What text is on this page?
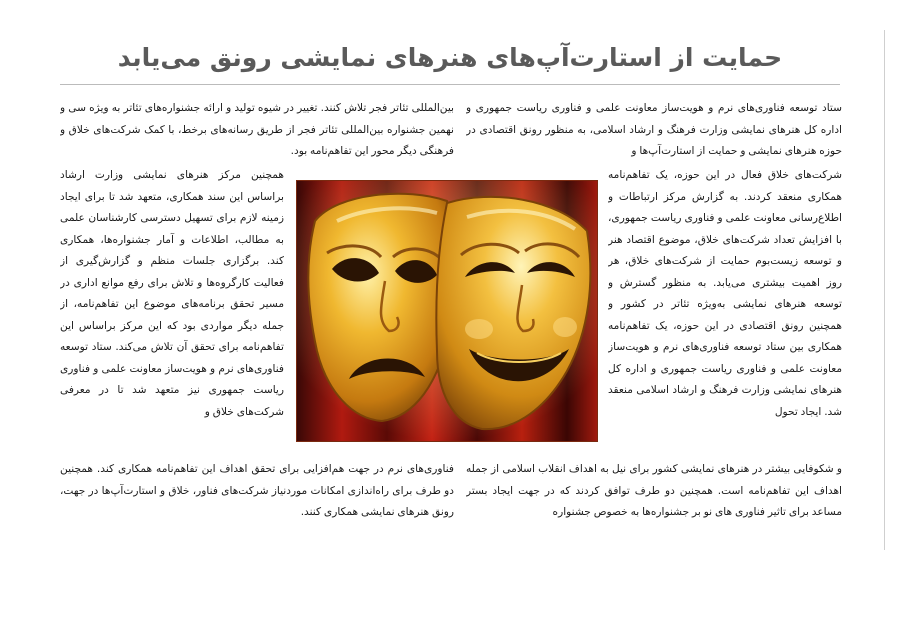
حمایت از استارت‌آپ‌های هنرهای نمایشی رونق می‌یابد

ستاد توسعه فناوری‌های نرم و هویت‌ساز معاونت علمی و فناوری ریاست جمهوری و اداره کل هنرهای نمایشی وزارت فرهنگ و ارشاد اسلامی، به منظور رونق اقتصادی در حوزه هنرهای نمایشی و حمایت از استارت‌آپ‌ها و

شرکت‌های خلاق فعال در این حوزه، یک تفاهم‌نامه همکاری منعقد کردند. به گزارش مرکز ارتباطات و اطلاع‌رسانی معاونت علمی و فناوری ریاست جمهوری، با افزایش تعداد شرکت‌های خلاق، موضوع اقتصاد هنر و توسعه زیست‌بوم حمایت از شرکت‌های خلاق، هر روز اهمیت بیشتری می‌یابد. به منظور گسترش و توسعه هنرهای نمایشی به‌ویژه تئاتر در کشور و همچنین رونق اقتصادی در این حوزه، یک تفاهم‌نامه همکاری بین ستاد توسعه فناوری‌های نرم و هویت‌ساز معاونت علمی و فناوری ریاست جمهوری و اداره کل هنرهای نمایشی وزارت فرهنگ و ارشاد اسلامی منعقد شد. ایجاد تحول

و شکوفایی بیشتر در هنرهای نمایشی کشور برای نیل به اهداف انقلاب اسلامی از جمله اهداف این تفاهم‌نامه است. همچنین دو طرف توافق کردند که در جهت ایجاد بستر مساعد برای تاثیر فناوری های نو بر جشنواره‌ها به خصوص جشنواره

بین‌المللی تئاتر فجر تلاش کنند. تغییر در شیوه تولید و ارائه جشنواره‌های تئاتر به ویژه سی و نهمین جشنواره بین‌المللی تئاتر فجر از طریق رسانه‌های برخط، با کمک شرکت‌های خلاق و فرهنگی دیگر محور این تفاهم‌نامه بود.

همچنین مرکز هنرهای نمایشی وزارت ارشاد براساس این سند همکاری، متعهد شد تا برای ایجاد زمینه لازم برای تسهیل دسترسی کارشناسان علمی به مطالب، اطلاعات و آمار جشنواره‌ها، همکاری کند. برگزاری جلسات منظم و گزارش‌گیری از فعالیت کارگروه‌ها و تلاش برای رفع موانع اداری در مسیر تحقق برنامه‌های موضوع این تفاهم‌نامه، از جمله دیگر مواردی بود که این مرکز براساس این تفاهم‌نامه برای تحقق آن تلاش می‌کند. ستاد توسعه فناوری‌های نرم و هویت‌ساز معاونت علمی و فناوری ریاست جمهوری نیز متعهد شد تا در معرفی شرکت‌های خلاق و

فناوری‌های نرم در جهت هم‌افزایی برای تحقق اهداف این تفاهم‌نامه همکاری کند. همچنین دو طرف برای راه‌اندازی امکانات موردنیاز شرکت‌های فناور، خلاق و استارت‌آپ‌ها در جهت، رونق هنرهای نمایشی همکاری کنند.
